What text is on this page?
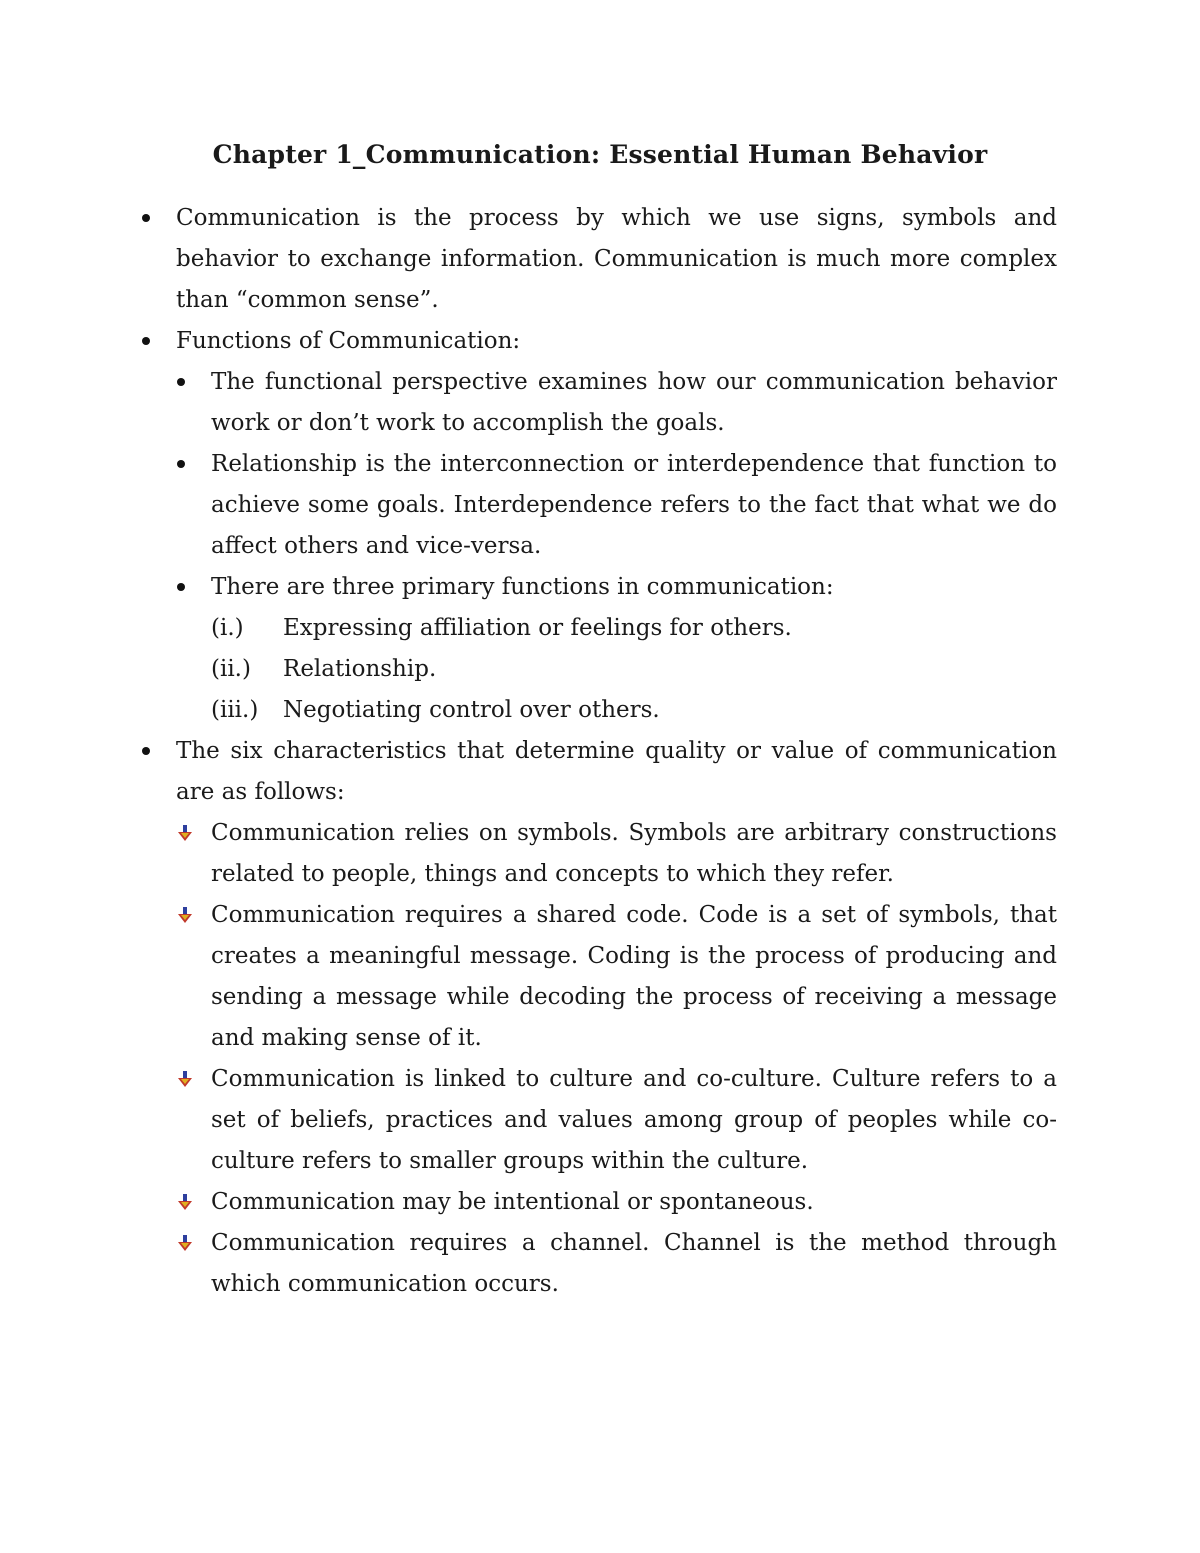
Chapter 1_Communication: Essential Human Behavior
Communication is the process by which we use signs, symbols and behavior to exchange information. Communication is much more complex than “common sense”.
Functions of Communication:
The functional perspective examines how our communication behavior work or don’t work to accomplish the goals.
Relationship is the interconnection or interdependence that function to achieve some goals. Interdependence refers to the fact that what we do affect others and vice-versa.
There are three primary functions in communication:
(i.) Expressing affiliation or feelings for others.
(ii.) Relationship.
(iii.) Negotiating control over others.
The six characteristics that determine quality or value of communication are as follows:
Communication relies on symbols. Symbols are arbitrary constructions related to people, things and concepts to which they refer.
Communication requires a shared code. Code is a set of symbols, that creates a meaningful message. Coding is the process of producing and sending a message while decoding the process of receiving a message and making sense of it.
Communication is linked to culture and co-culture. Culture refers to a set of beliefs, practices and values among group of peoples while co-culture refers to smaller groups within the culture.
Communication may be intentional or spontaneous.
Communication requires a channel. Channel is the method through which communication occurs.
